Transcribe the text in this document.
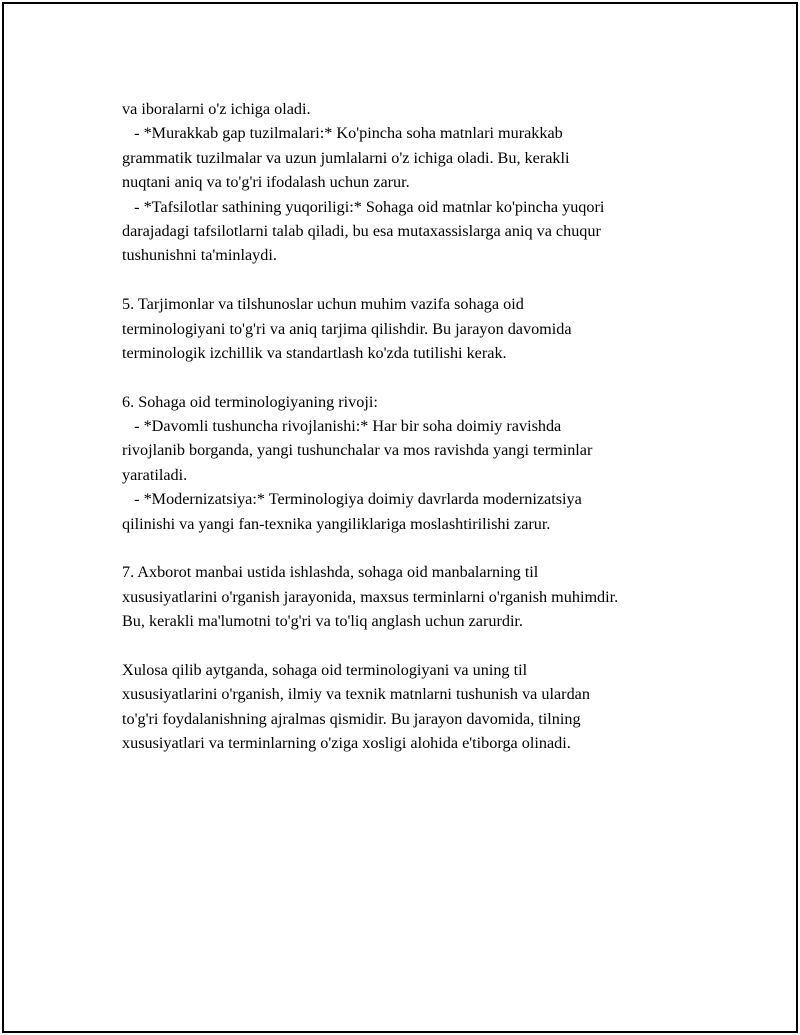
va iboralarni o'z ichiga oladi.
- *Murakkab gap tuzilmalari:* Ko'pincha soha matnlari murakkab
grammatik tuzilmalar va uzun jumlalarni o'z ichiga oladi. Bu, kerakli
nuqtani aniq va to'g'ri ifodalash uchun zarur.
- *Tafsilotlar sathining yuqoriligi:* Sohaga oid matnlar ko'pincha yuqori
darajadagi tafsilotlarni talab qiladi, bu esa mutaxassislarga aniq va chuqur
tushunishni ta'minlaydi.
5. Tarjimonlar va tilshunoslar uchun muhim vazifa sohaga oid
terminologiyani to'g'ri va aniq tarjima qilishdir. Bu jarayon davomida
terminologik izchillik va standartlash ko'zda tutilishi kerak.
6. Sohaga oid terminologiyaning rivoji:
- *Davomli tushuncha rivojlanishi:* Har bir soha doimiy ravishda
rivojlanib borganda, yangi tushunchalar va mos ravishda yangi terminlar
yaratiladi.
- *Modernizatsiya:* Terminologiya doimiy davrlarda modernizatsiya
qilinishi va yangi fan-texnika yangiliklariga moslashtirilishi zarur.
7. Axborot manbai ustida ishlashda, sohaga oid manbalarning til
xususiyatlarini o'rganish jarayonida, maxsus terminlarni o'rganish muhimdir.
Bu, kerakli ma'lumotni to'g'ri va to'liq anglash uchun zarurdir.
Xulosa qilib aytganda, sohaga oid terminologiyani va uning til
xususiyatlarini o'rganish, ilmiy va texnik matnlarni tushunish va ulardan
to'g'ri foydalanishning ajralmas qismidir. Bu jarayon davomida, tilning
xususiyatlari va terminlarning o'ziga xosligi alohida e'tiborga olinadi.
